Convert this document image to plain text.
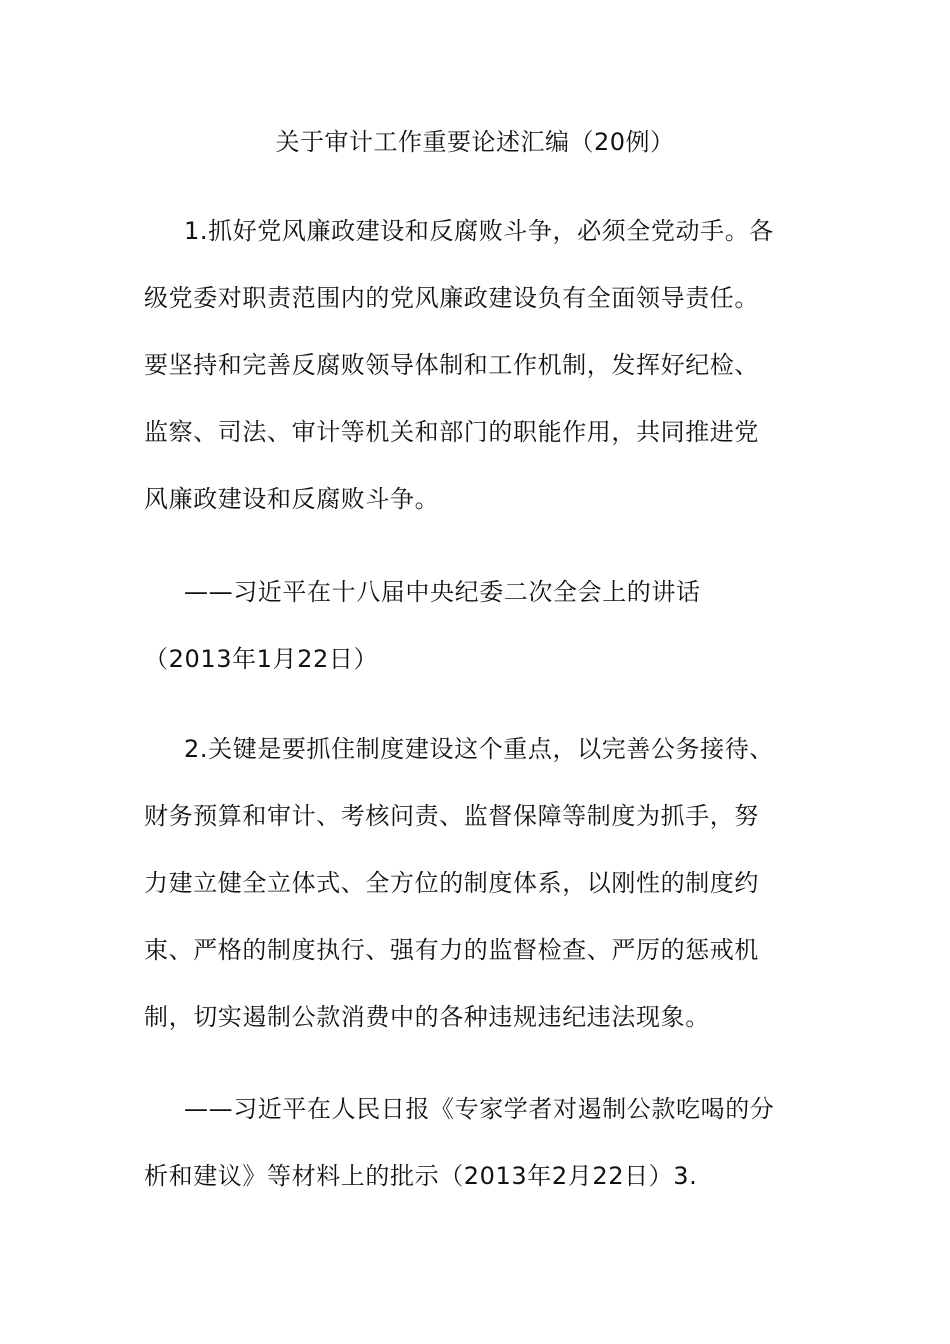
关于审计工作重要论述汇编（20例）
1.抓好党风廉政建设和反腐败斗争，必须全党动手。各
级党委对职责范围内的党风廉政建设负有全面领导责任。
要坚持和完善反腐败领导体制和工作机制，发挥好纪检、
监察、司法、审计等机关和部门的职能作用，共同推进党
风廉政建设和反腐败斗争。
——习近平在十八届中央纪委二次全会上的讲话
（2013年1月22日）
2.关键是要抓住制度建设这个重点，以完善公务接待、
财务预算和审计、考核问责、监督保障等制度为抓手，努
力建立健全立体式、全方位的制度体系，以刚性的制度约
束、严格的制度执行、强有力的监督检查、严厉的惩戒机
制，切实遏制公款消费中的各种违规违纪违法现象。
——习近平在人民日报《专家学者对遏制公款吃喝的分
析和建议》等材料上的批示（2013年2月22日）3.
